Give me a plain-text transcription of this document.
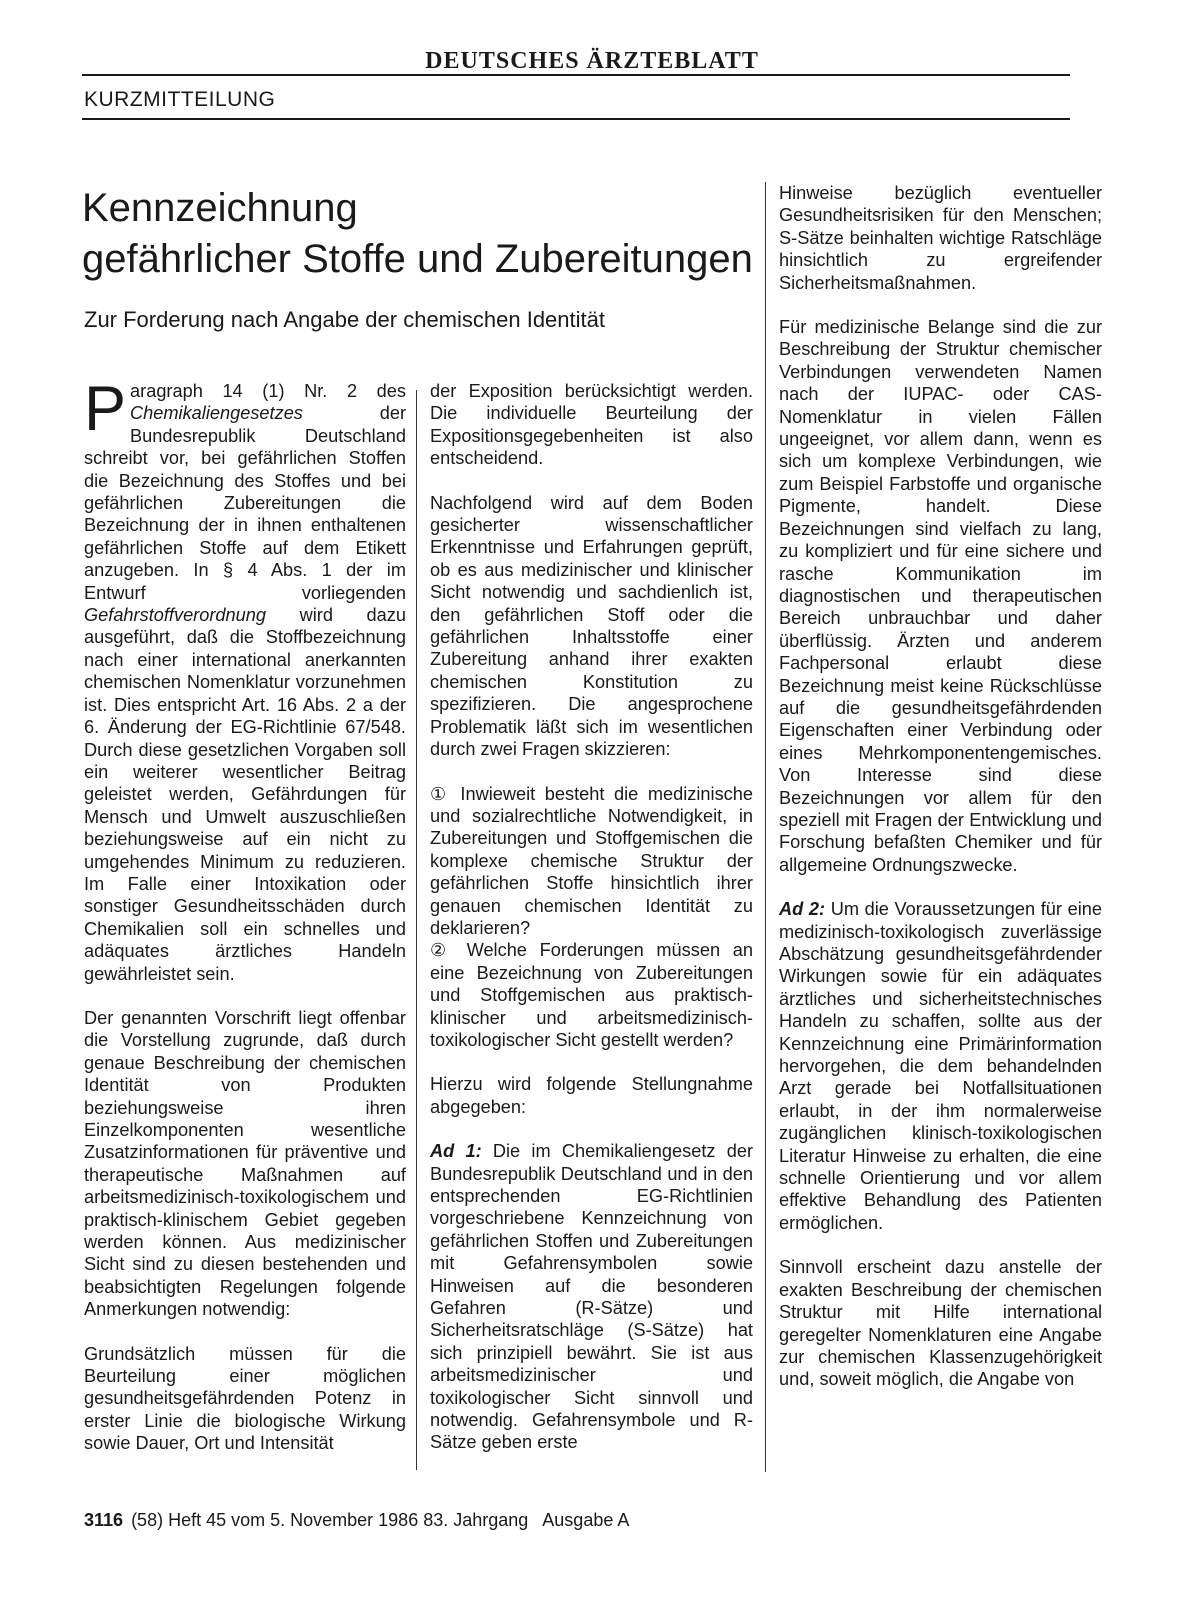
DEUTSCHES ÄRZTEBLATT
KURZMITTEILUNG
Kennzeichnung
gefährlicher Stoffe und Zubereitungen
Zur Forderung nach Angabe der chemischen Identität

Paragraph 14 (1) Nr. 2 des Chemikaliengesetzes der Bundesrepublik Deutschland schreibt vor, bei gefährlichen Stoffen die Bezeichnung des Stoffes und bei gefährlichen Zubereitungen die Bezeichnung der in ihnen enthaltenen gefährlichen Stoffe auf dem Etikett anzugeben. In § 4 Abs. 1 der im Entwurf vorliegenden Gefahrstoffverordnung wird dazu ausgeführt, daß die Stoffbezeichnung nach einer international anerkannten chemischen Nomenklatur vorzunehmen ist. Dies entspricht Art. 16 Abs. 2 a der 6. Änderung der EG-Richtlinie 67/548. Durch diese gesetzlichen Vorgaben soll ein weiterer wesentlicher Beitrag geleistet werden, Gefährdungen für Mensch und Umwelt auszuschließen beziehungsweise auf ein nicht zu umgehendes Minimum zu reduzieren. Im Falle einer Intoxikation oder sonstiger Gesundheitsschäden durch Chemikalien soll ein schnelles und adäquates ärztliches Handeln gewährleistet sein.

Der genannten Vorschrift liegt offenbar die Vorstellung zugrunde, daß durch genaue Beschreibung der chemischen Identität von Produkten beziehungsweise ihren Einzelkomponenten wesentliche Zusatzinformationen für präventive und therapeutische Maßnahmen auf arbeitsmedizinisch-toxikologischem und praktisch-klinischem Gebiet gegeben werden können. Aus medizinischer Sicht sind zu diesen bestehenden und beabsichtigten Regelungen folgende Anmerkungen notwendig:

Grundsätzlich müssen für die Beurteilung einer möglichen gesundheitsgefährdenden Potenz in erster Linie die biologische Wirkung sowie Dauer, Ort und Intensität

der Exposition berücksichtigt werden. Die individuelle Beurteilung der Expositionsgegebenheiten ist also entscheidend.

Nachfolgend wird auf dem Boden gesicherter wissenschaftlicher Erkenntnisse und Erfahrungen geprüft, ob es aus medizinischer und klinischer Sicht notwendig und sachdienlich ist, den gefährlichen Stoff oder die gefährlichen Inhaltsstoffe einer Zubereitung anhand ihrer exakten chemischen Konstitution zu spezifizieren. Die angesprochene Problematik läßt sich im wesentlichen durch zwei Fragen skizzieren:

① Inwieweit besteht die medizinische und sozialrechtliche Notwendigkeit, in Zubereitungen und Stoffgemischen die komplexe chemische Struktur der gefährlichen Stoffe hinsichtlich ihrer genauen chemischen Identität zu deklarieren?

② Welche Forderungen müssen an eine Bezeichnung von Zubereitungen und Stoffgemischen aus praktisch-klinischer und arbeitsmedizinisch-toxikologischer Sicht gestellt werden?

Hierzu wird folgende Stellungnahme abgegeben:

Ad 1: Die im Chemikaliengesetz der Bundesrepublik Deutschland und in den entsprechenden EG-Richtlinien vorgeschriebene Kennzeichnung von gefährlichen Stoffen und Zubereitungen mit Gefahrensymbolen sowie Hinweisen auf die besonderen Gefahren (R-Sätze) und Sicherheitsratschläge (S-Sätze) hat sich prinzipiell bewährt. Sie ist aus arbeitsmedizinischer und toxikologischer Sicht sinnvoll und notwendig. Gefahrensymbole und R-Sätze geben erste

Hinweise bezüglich eventueller Gesundheitsrisiken für den Menschen; S-Sätze beinhalten wichtige Ratschläge hinsichtlich zu ergreifender Sicherheitsmaßnahmen.

Für medizinische Belange sind die zur Beschreibung der Struktur chemischer Verbindungen verwendeten Namen nach der IUPAC- oder CAS-Nomenklatur in vielen Fällen ungeeignet, vor allem dann, wenn es sich um komplexe Verbindungen, wie zum Beispiel Farbstoffe und organische Pigmente, handelt. Diese Bezeichnungen sind vielfach zu lang, zu kompliziert und für eine sichere und rasche Kommunikation im diagnostischen und therapeutischen Bereich unbrauchbar und daher überflüssig. Ärzten und anderem Fachpersonal erlaubt diese Bezeichnung meist keine Rückschlüsse auf die gesundheitsgefährdenden Eigenschaften einer Verbindung oder eines Mehrkomponentengemisches. Von Interesse sind diese Bezeichnungen vor allem für den speziell mit Fragen der Entwicklung und Forschung befaßten Chemiker und für allgemeine Ordnungszwecke.

Ad 2: Um die Voraussetzungen für eine medizinisch-toxikologisch zuverlässige Abschätzung gesundheitsgefährdender Wirkungen sowie für ein adäquates ärztliches und sicherheitstechnisches Handeln zu schaffen, sollte aus der Kennzeichnung eine Primärinformation hervorgehen, die dem behandelnden Arzt gerade bei Notfallsituationen erlaubt, in der ihm normalerweise zugänglichen klinisch-toxikologischen Literatur Hinweise zu erhalten, die eine schnelle Orientierung und vor allem effektive Behandlung des Patienten ermöglichen.

Sinnvoll erscheint dazu anstelle der exakten Beschreibung der chemischen Struktur mit Hilfe international geregelter Nomenklaturen eine Angabe zur chemischen Klassenzugehörigkeit und, soweit möglich, die Angabe von

3116 (58) Heft 45 vom 5. November 1986 83. Jahrgang   Ausgabe A
